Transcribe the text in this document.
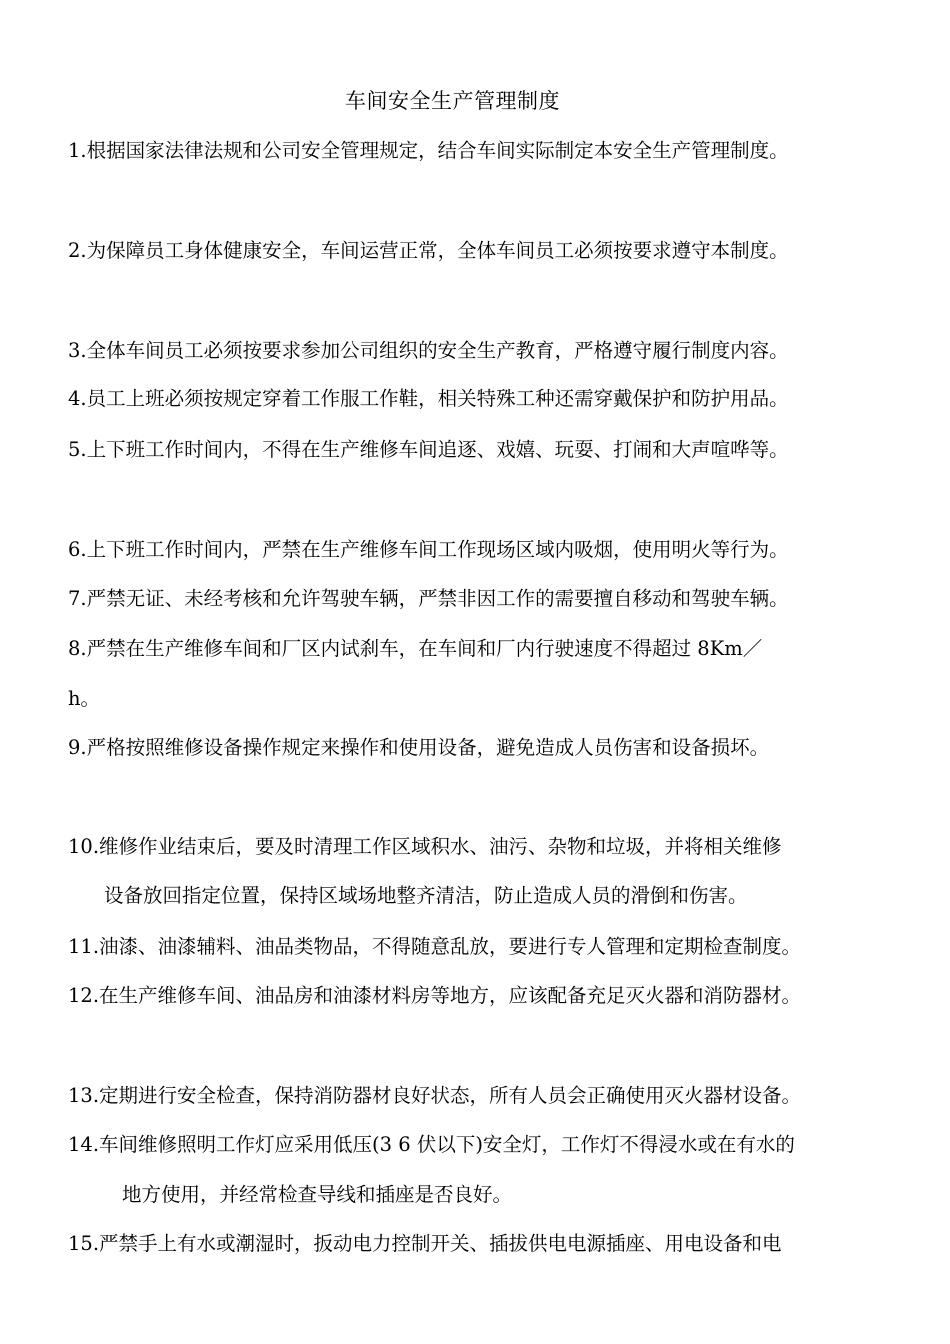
车间安全生产管理制度
1.根据国家法律法规和公司安全管理规定，结合车间实际制定本安全生产管理制度。
2.为保障员工身体健康安全，车间运营正常，全体车间员工必须按要求遵守本制度。
3.全体车间员工必须按要求参加公司组织的安全生产教育，严格遵守履行制度内容。
4.员工上班必须按规定穿着工作服工作鞋，相关特殊工种还需穿戴保护和防护用品。
5.上下班工作时间内，不得在生产维修车间追逐、戏嬉、玩耍、打闹和大声喧哗等。
6.上下班工作时间内，严禁在生产维修车间工作现场区域内吸烟，使用明火等行为。
7.严禁无证、未经考核和允许驾驶车辆，严禁非因工作的需要擅自移动和驾驶车辆。
8.严禁在生产维修车间和厂区内试刹车，在车间和厂内行驶速度不得超过 8Km／
h。
9.严格按照维修设备操作规定来操作和使用设备，避免造成人员伤害和设备损坏。
10.维修作业结束后，要及时清理工作区域积水、油污、杂物和垃圾，并将相关维修
设备放回指定位置，保持区域场地整齐清洁，防止造成人员的滑倒和伤害。
11.油漆、油漆辅料、油品类物品，不得随意乱放，要进行专人管理和定期检查制度。
12.在生产维修车间、油品房和油漆材料房等地方，应该配备充足灭火器和消防器材。
13.定期进行安全检查，保持消防器材良好状态，所有人员会正确使用灭火器材设备。
14.车间维修照明工作灯应采用低压(3 6 伏以下)安全灯，工作灯不得浸水或在有水的
地方使用，并经常检查导线和插座是否良好。
15.严禁手上有水或潮湿时，扳动电力控制开关、插拔供电电源插座、用电设备和电
